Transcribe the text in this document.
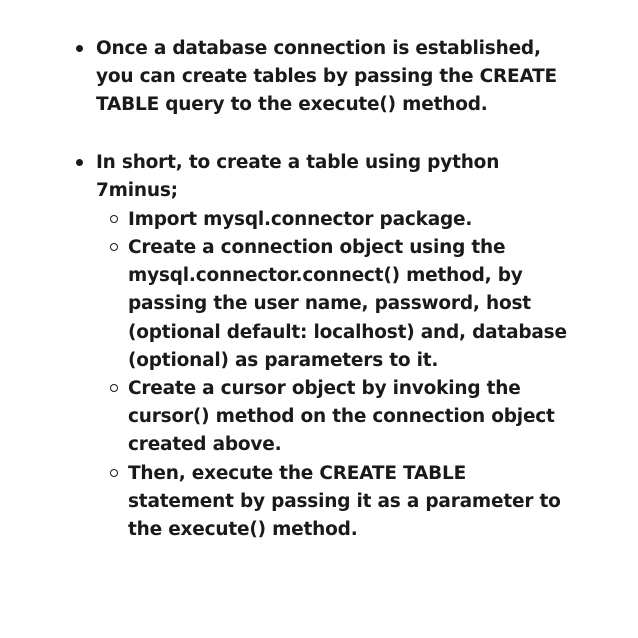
Once a database connection is established, you can create tables by passing the CREATE TABLE query to the execute() method.
In short, to create a table using python 7minus;
Import mysql.connector package.
Create a connection object using the mysql.connector.connect() method, by passing the user name, password, host (optional default: localhost) and, database (optional) as parameters to it.
Create a cursor object by invoking the cursor() method on the connection object created above.
Then, execute the CREATE TABLE statement by passing it as a parameter to the execute() method.
